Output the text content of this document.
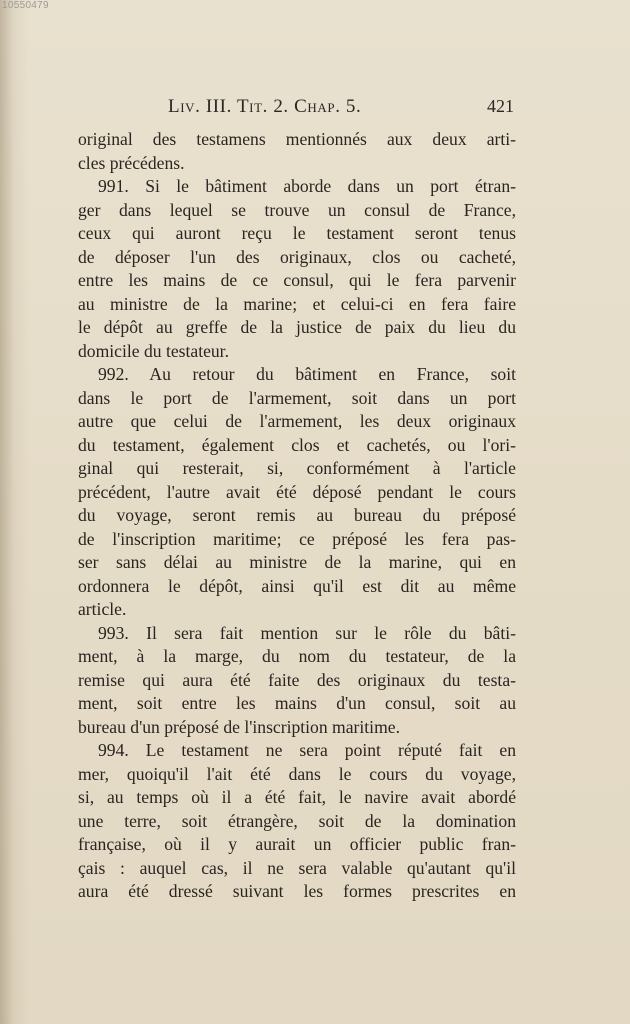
10550479
Liv. III. Tit. 2. Chap. 5.	421
original des testamens mentionnés aux deux arti-
cles précédens.
991. Si le bâtiment aborde dans un port étran-
ger dans lequel se trouve un consul de France,
ceux qui auront reçu le testament seront tenus
de déposer l'un des originaux, clos ou cacheté,
entre les mains de ce consul, qui le fera parvenir
au ministre de la marine; et celui-ci en fera faire
le dépôt au greffe de la justice de paix du lieu du
domicile du testateur.
992. Au retour du bâtiment en France, soit
dans le port de l'armement, soit dans un port
autre que celui de l'armement, les deux originaux
du testament, également clos et cachetés, ou l'ori-
ginal qui resterait, si, conformément à l'article
précédent, l'autre avait été déposé pendant le cours
du voyage, seront remis au bureau du préposé
de l'inscription maritime; ce préposé les fera pas-
ser sans délai au ministre de la marine, qui en
ordonnera le dépôt, ainsi qu'il est dit au même
article.
993. Il sera fait mention sur le rôle du bâti-
ment, à la marge, du nom du testateur, de la
remise qui aura été faite des originaux du testa-
ment, soit entre les mains d'un consul, soit au
bureau d'un préposé de l'inscription maritime.
994. Le testament ne sera point réputé fait en
mer, quoiqu'il l'ait été dans le cours du voyage,
si, au temps où il a été fait, le navire avait abordé
une terre, soit étrangère, soit de la domination
française, où il y aurait un officier public fran-
çais : auquel cas, il ne sera valable qu'autant qu'il
aura été dressé suivant les formes prescrites en
